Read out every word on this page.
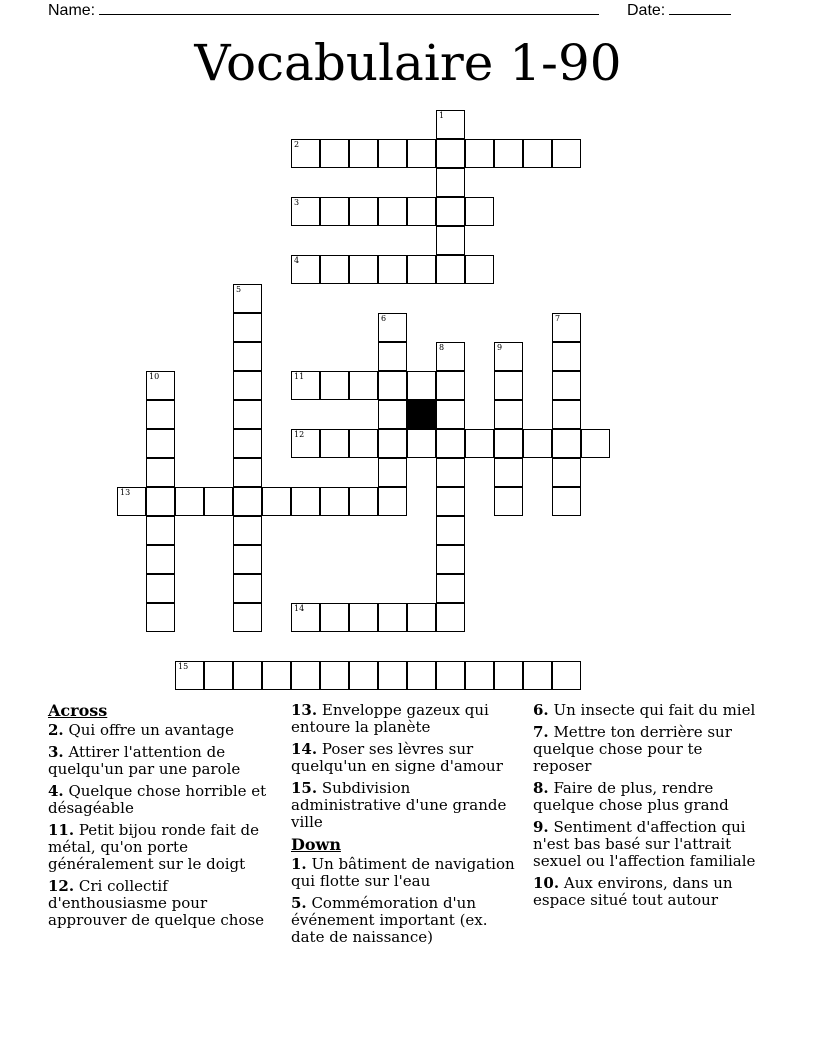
Name:	Date:
Vocabulaire 1-90
2
3
4
11
12
13
14
15
1
5
6	7
8	9
10
Across
2. Qui offre un avantage
3. Attirer l'attention de quelqu'un par une parole
4. Quelque chose horrible et désagéable
11. Petit bijou ronde fait de métal, qu'on porte généralement sur le doigt
12. Cri collectif d'enthousiasme pour approuver de quelque chose
13. Enveloppe gazeux qui entoure la planète
14. Poser ses lèvres sur quelqu'un en signe d'amour
15. Subdivision administrative d'une grande ville
Down
1. Un bâtiment de navigation qui flotte sur l'eau
5. Commémoration d'un événement important (ex. date de naissance)
6. Un insecte qui fait du miel
7. Mettre ton derrière sur quelque chose pour te reposer
8. Faire de plus, rendre quelque chose plus grand
9. Sentiment d'affection qui n'est bas basé sur l'attrait sexuel ou l'affection familiale
10. Aux environs, dans un espace situé tout autour
